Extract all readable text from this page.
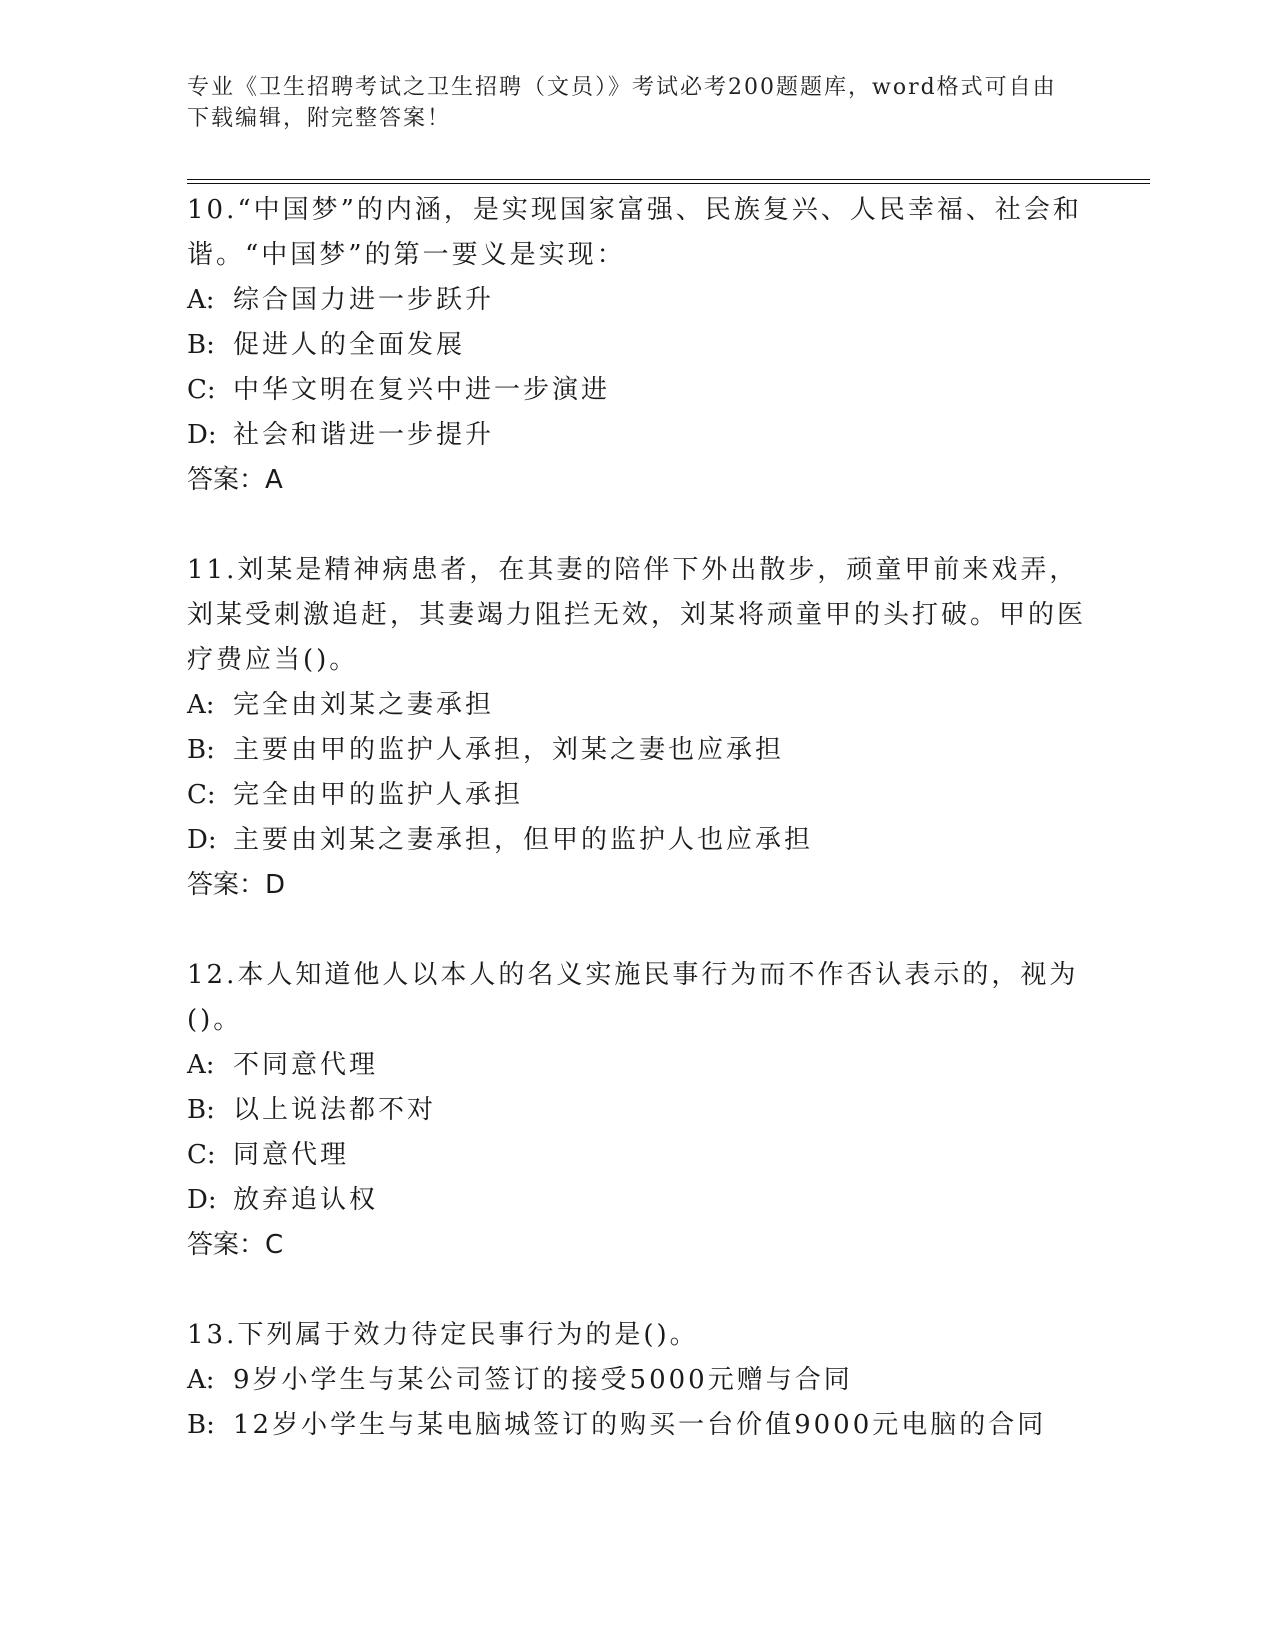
专业《卫生招聘考试之卫生招聘（文员）》考试必考200题题库，word格式可自由下载编辑，附完整答案！

10.“中国梦”的内涵，是实现国家富强、民族复兴、人民幸福、社会和谐。“中国梦”的第一要义是实现：

A: 综合国力进一步跃升

B: 促进人的全面发展

C: 中华文明在复兴中进一步演进

D: 社会和谐进一步提升

答案：A

11.刘某是精神病患者，在其妻的陪伴下外出散步，顽童甲前来戏弄，刘某受刺激追赶，其妻竭力阻拦无效，刘某将顽童甲的头打破。甲的医疗费应当()。

A: 完全由刘某之妻承担

B: 主要由甲的监护人承担，刘某之妻也应承担

C: 完全由甲的监护人承担

D: 主要由刘某之妻承担，但甲的监护人也应承担

答案：D

12.本人知道他人以本人的名义实施民事行为而不作否认表示的，视为()。

A: 不同意代理

B: 以上说法都不对

C: 同意代理

D: 放弃追认权

答案：C

13.下列属于效力待定民事行为的是()。

A: 9岁小学生与某公司签订的接受5000元赠与合同

B: 12岁小学生与某电脑城签订的购买一台价值9000元电脑的合同
